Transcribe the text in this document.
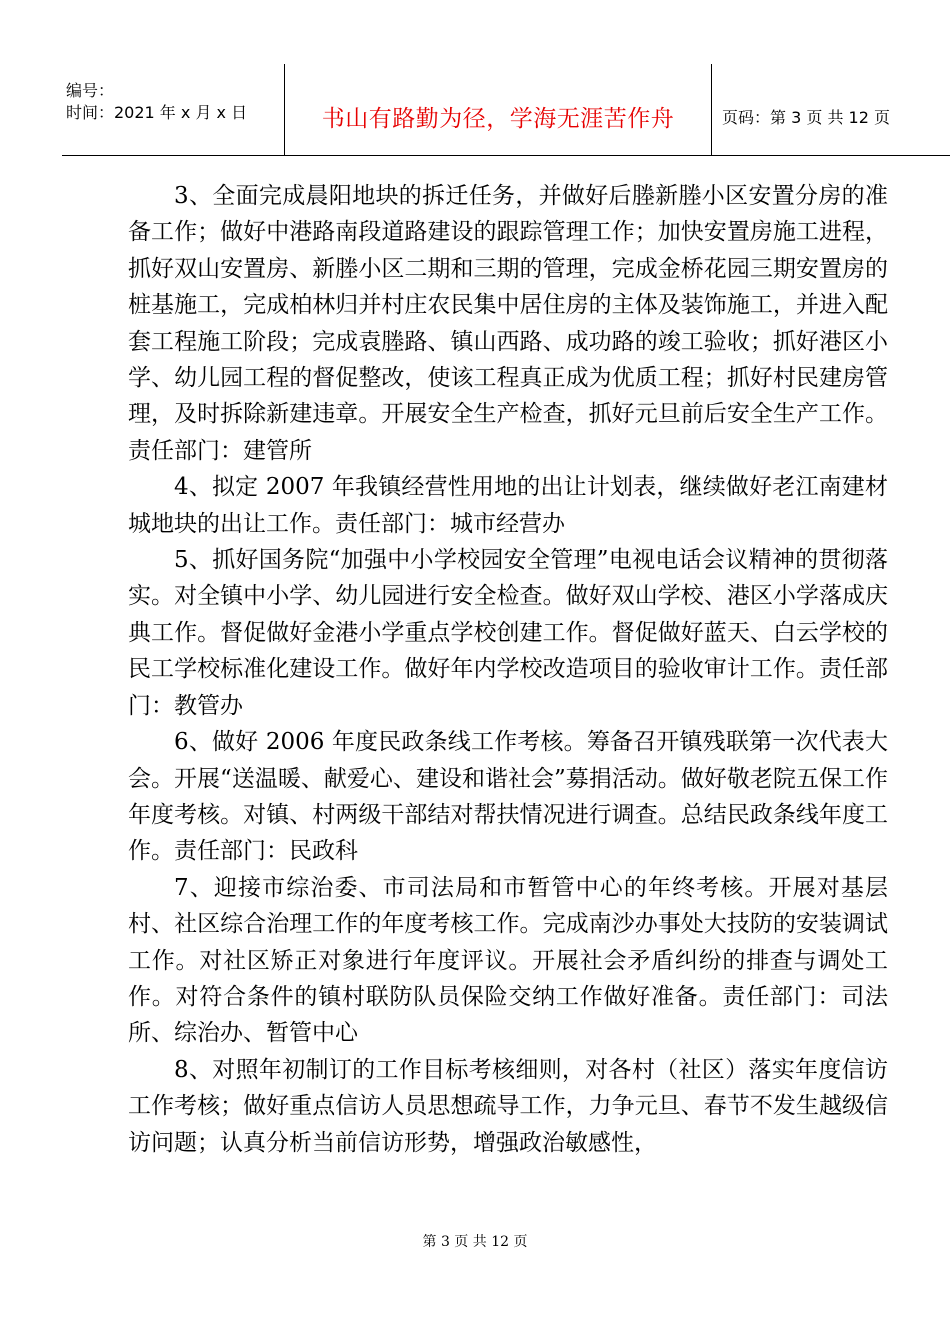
编号：
时间：2021 年 x 月 x 日	书山有路勤为径，学海无涯苦作舟	页码：第 3 页 共 12 页

3、全面完成晨阳地块的拆迁任务，并做好后塍新塍小区安置分房的准备工作；做好中港路南段道路建设的跟踪管理工作；加快安置房施工进程，抓好双山安置房、新塍小区二期和三期的管理，完成金桥花园三期安置房的桩基施工，完成柏林归并村庄农民集中居住房的主体及装饰施工，并进入配套工程施工阶段；完成袁塍路、镇山西路、成功路的竣工验收；抓好港区小学、幼儿园工程的督促整改，使该工程真正成为优质工程；抓好村民建房管理，及时拆除新建违章。开展安全生产检查，抓好元旦前后安全生产工作。责任部门：建管所

4、拟定 2007 年我镇经营性用地的出让计划表，继续做好老江南建材城地块的出让工作。责任部门：城市经营办

5、抓好国务院“加强中小学校园安全管理”电视电话会议精神的贯彻落实。对全镇中小学、幼儿园进行安全检查。做好双山学校、港区小学落成庆典工作。督促做好金港小学重点学校创建工作。督促做好蓝天、白云学校的民工学校标准化建设工作。做好年内学校改造项目的验收审计工作。责任部门：教管办

6、做好 2006 年度民政条线工作考核。筹备召开镇残联第一次代表大会。开展“送温暖、献爱心、建设和谐社会”募捐活动。做好敬老院五保工作年度考核。对镇、村两级干部结对帮扶情况进行调查。总结民政条线年度工作。责任部门：民政科

7、迎接市综治委、市司法局和市暂管中心的年终考核。开展对基层村、社区综合治理工作的年度考核工作。完成南沙办事处大技防的安装调试工作。对社区矫正对象进行年度评议。开展社会矛盾纠纷的排查与调处工作。对符合条件的镇村联防队员保险交纳工作做好准备。责任部门：司法所、综治办、暂管中心

8、对照年初制订的工作目标考核细则，对各村（社区）落实年度信访工作考核；做好重点信访人员思想疏导工作，力争元旦、春节不发生越级信访问题；认真分析当前信访形势，增强政治敏感性，

第 3 页 共 12 页
